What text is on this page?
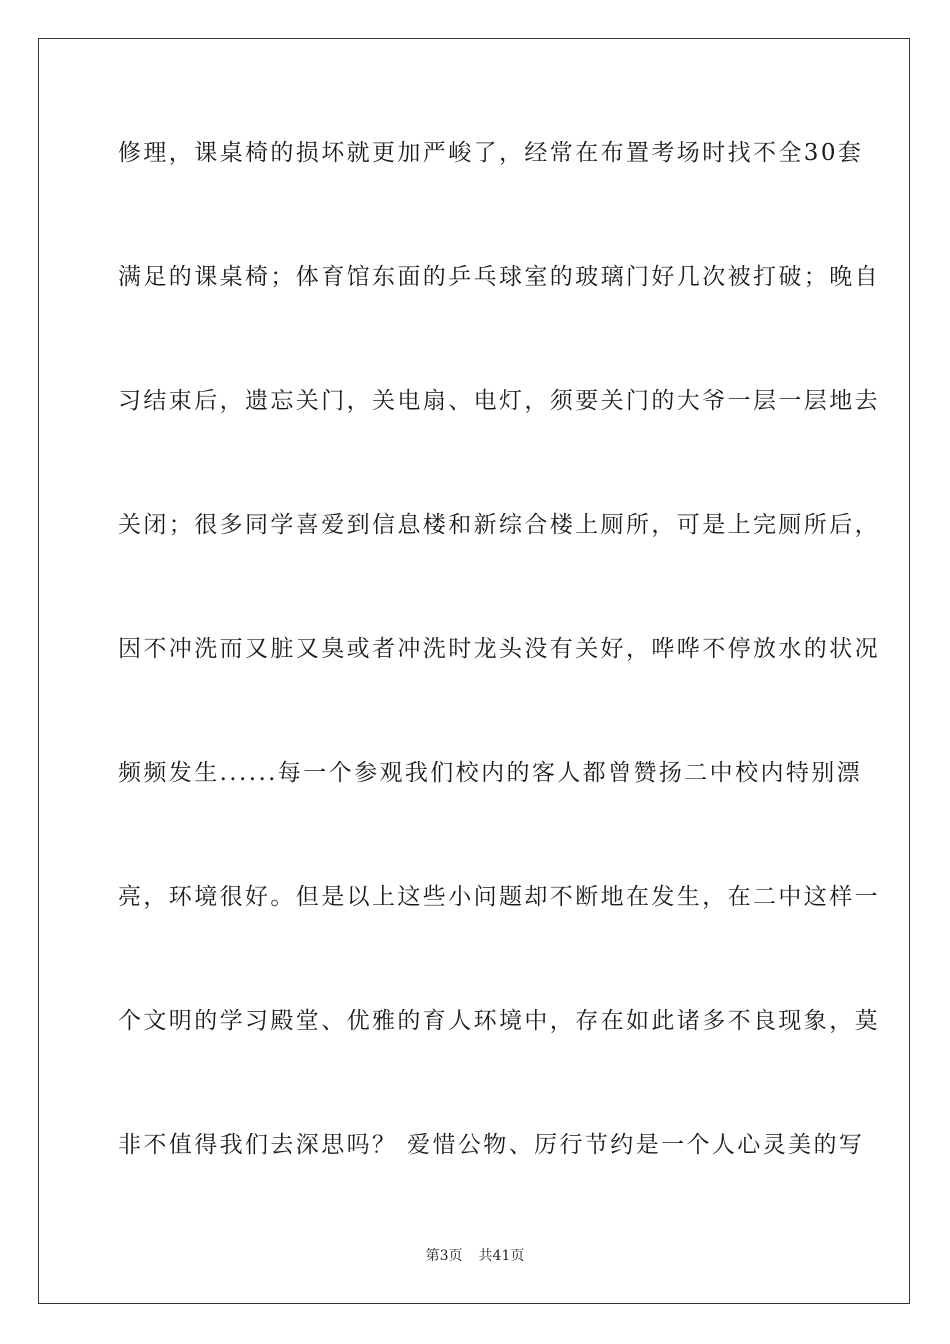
修理，课桌椅的损坏就更加严峻了，经常在布置考场时找不全30套
满足的课桌椅；体育馆东面的乒乓球室的玻璃门好几次被打破；晚自
习结束后，遗忘关门，关电扇、电灯，须要关门的大爷一层一层地去
关闭；很多同学喜爱到信息楼和新综合楼上厕所，可是上完厕所后，
因不冲洗而又脏又臭或者冲洗时龙头没有关好，哗哗不停放水的状况
频频发生......每一个参观我们校内的客人都曾赞扬二中校内特别漂
亮，环境很好。但是以上这些小问题却不断地在发生，在二中这样一
个文明的学习殿堂、优雅的育人环境中，存在如此诸多不良现象，莫
非不值得我们去深思吗？ 爱惜公物、厉行节约是一个人心灵美的写
第3页 共41页
